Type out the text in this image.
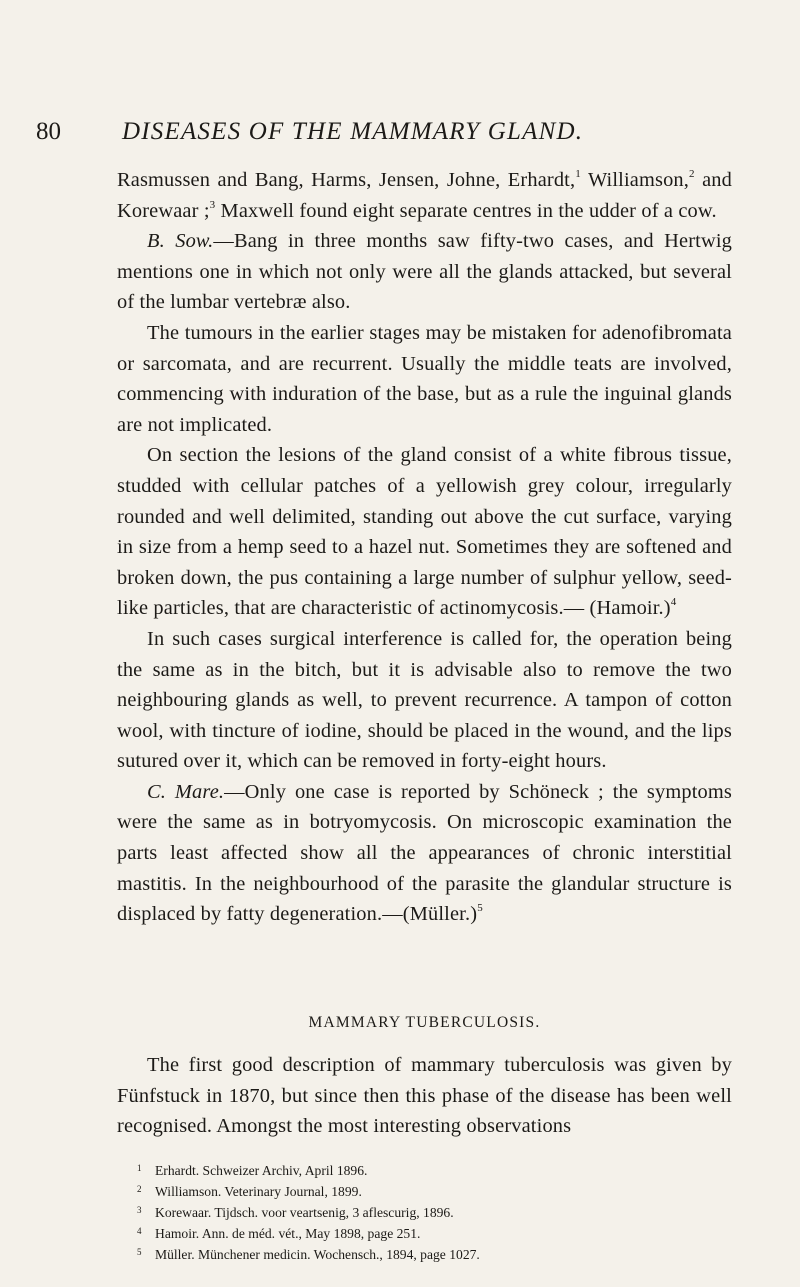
80 DISEASES OF THE MAMMARY GLAND.

Rasmussen and Bang, Harms, Jensen, Johne, Erhardt,$^1$ Williamson,$^2$ and Korewaar ;$^3$ Maxwell found eight separate centres in the udder of a cow.

B. Sow.—Bang in three months saw fifty-two cases, and Hertwig mentions one in which not only were all the glands attacked, but several of the lumbar vertebræ also.

The tumours in the earlier stages may be mistaken for adenofibromata or sarcomata, and are recurrent. Usually the middle teats are involved, commencing with induration of the base, but as a rule the inguinal glands are not implicated.

On section the lesions of the gland consist of a white fibrous tissue, studded with cellular patches of a yellowish grey colour, irregularly rounded and well delimited, standing out above the cut surface, varying in size from a hemp seed to a hazel nut. Sometimes they are softened and broken down, the pus containing a large number of sulphur yellow, seed-like particles, that are characteristic of actinomycosis.— (Hamoir.)$^4$

In such cases surgical interference is called for, the operation being the same as in the bitch, but it is advisable also to remove the two neighbouring glands as well, to prevent recurrence. A tampon of cotton wool, with tincture of iodine, should be placed in the wound, and the lips sutured over it, which can be removed in forty-eight hours.

C. Mare.—Only one case is reported by Schöneck ; the symptoms were the same as in botryomycosis. On microscopic examination the parts least affected show all the appearances of chronic interstitial mastitis. In the neighbourhood of the parasite the glandular structure is displaced by fatty degeneration.—(Müller.)$^5$

MAMMARY TUBERCULOSIS.

The first good description of mammary tuberculosis was given by Fünfstuck in 1870, but since then this phase of the disease has been well recognised. Amongst the most interesting observations

1 Erhardt. Schweizer Archiv, April 1896.
2 Williamson. Veterinary Journal, 1899.
3 Korewaar. Tijdsch. voor veartsenig, 3 aflescurig, 1896.
4 Hamoir. Ann. de méd. vét., May 1898, page 251.
5 Müller. Münchener medicin. Wochensch., 1894, page 1027.
